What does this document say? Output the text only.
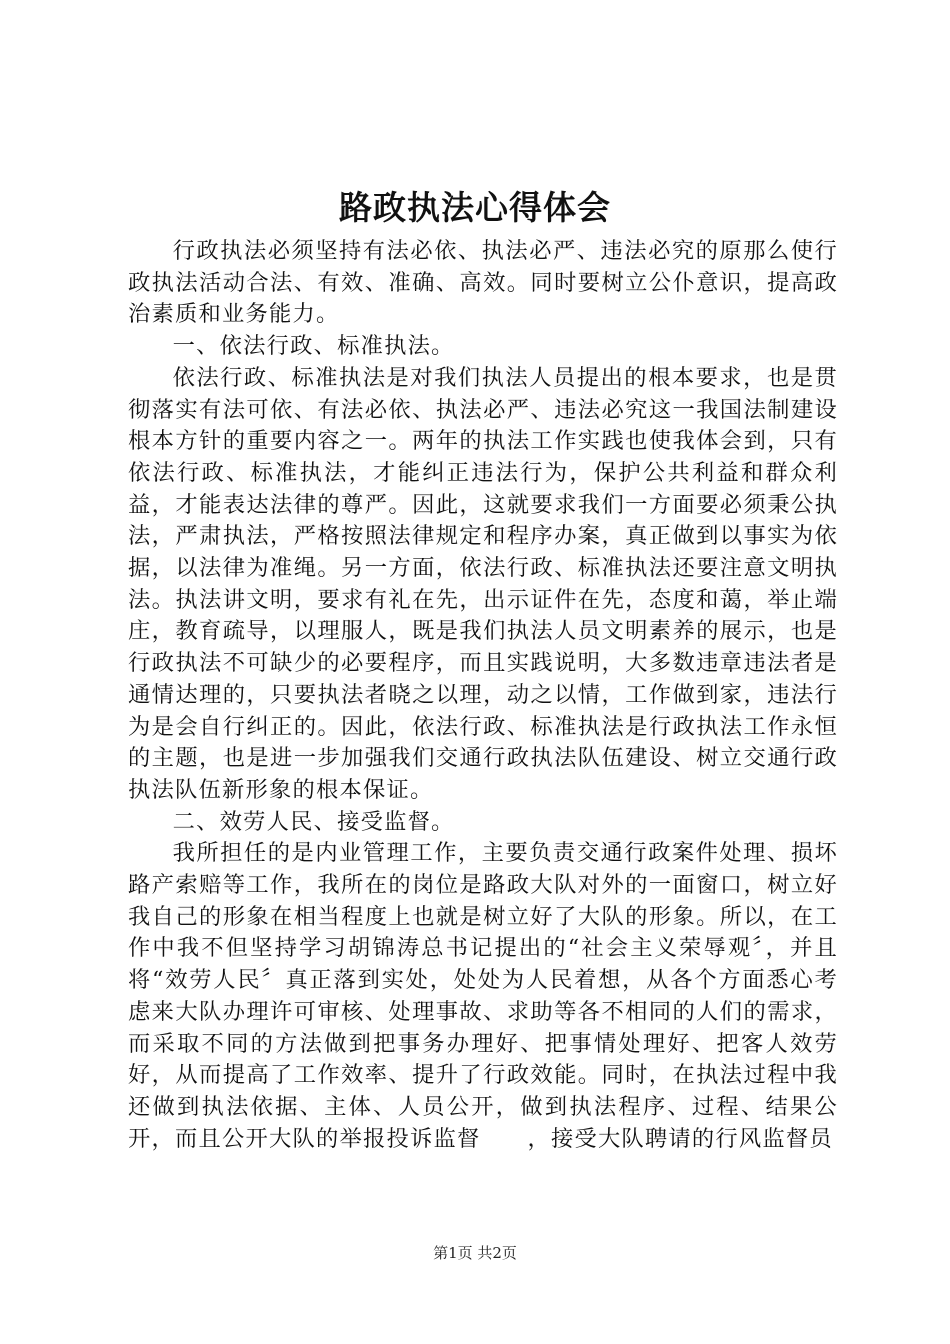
路政执法心得体会

行政执法必须坚持有法必依、执法必严、违法必究的原那么使行政执法活动合法、有效、准确、高效。同时要树立公仆意识，提高政治素质和业务能力。

一、依法行政、标准执法。

依法行政、标准执法是对我们执法人员提出的根本要求，也是贯彻落实有法可依、有法必依、执法必严、违法必究这一我国法制建设根本方针的重要内容之一。两年的执法工作实践也使我体会到，只有依法行政、标准执法，才能纠正违法行为，保护公共利益和群众利益，才能表达法律的尊严。因此，这就要求我们一方面要必须秉公执法，严肃执法，严格按照法律规定和程序办案，真正做到以事实为依据，以法律为准绳。另一方面，依法行政、标准执法还要注意文明执法。执法讲文明，要求有礼在先，出示证件在先，态度和蔼，举止端庄，教育疏导，以理服人，既是我们执法人员文明素养的展示，也是行政执法不可缺少的必要程序，而且实践说明，大多数违章违法者是通情达理的，只要执法者晓之以理，动之以情，工作做到家，违法行为是会自行纠正的。因此，依法行政、标准执法是行政执法工作永恒的主题，也是进一步加强我们交通行政执法队伍建设、树立交通行政执法队伍新形象的根本保证。

二、效劳人民、接受监督。

我所担任的是内业管理工作，主要负责交通行政案件处理、损坏路产索赔等工作，我所在的岗位是路政大队对外的一面窗口，树立好我自己的形象在相当程度上也就是树立好了大队的形象。所以，在工作中我不但坚持学习胡锦涛总书记提出的“社会主义荣辱观〞，并且将“效劳人民〞真正落到实处，处处为人民着想，从各个方面悉心考虑来大队办理许可审核、处理事故、求助等各不相同的人们的需求，而采取不同的方法做到把事务办理好、把事情处理好、把客人效劳好，从而提高了工作效率、提升了行政效能。同时，在执法过程中我还做到执法依据、主体、人员公开，做到执法程序、过程、结果公开，而且公开大队的举报投诉监督　　，接受大队聘请的行风监督员

第1页 共2页
